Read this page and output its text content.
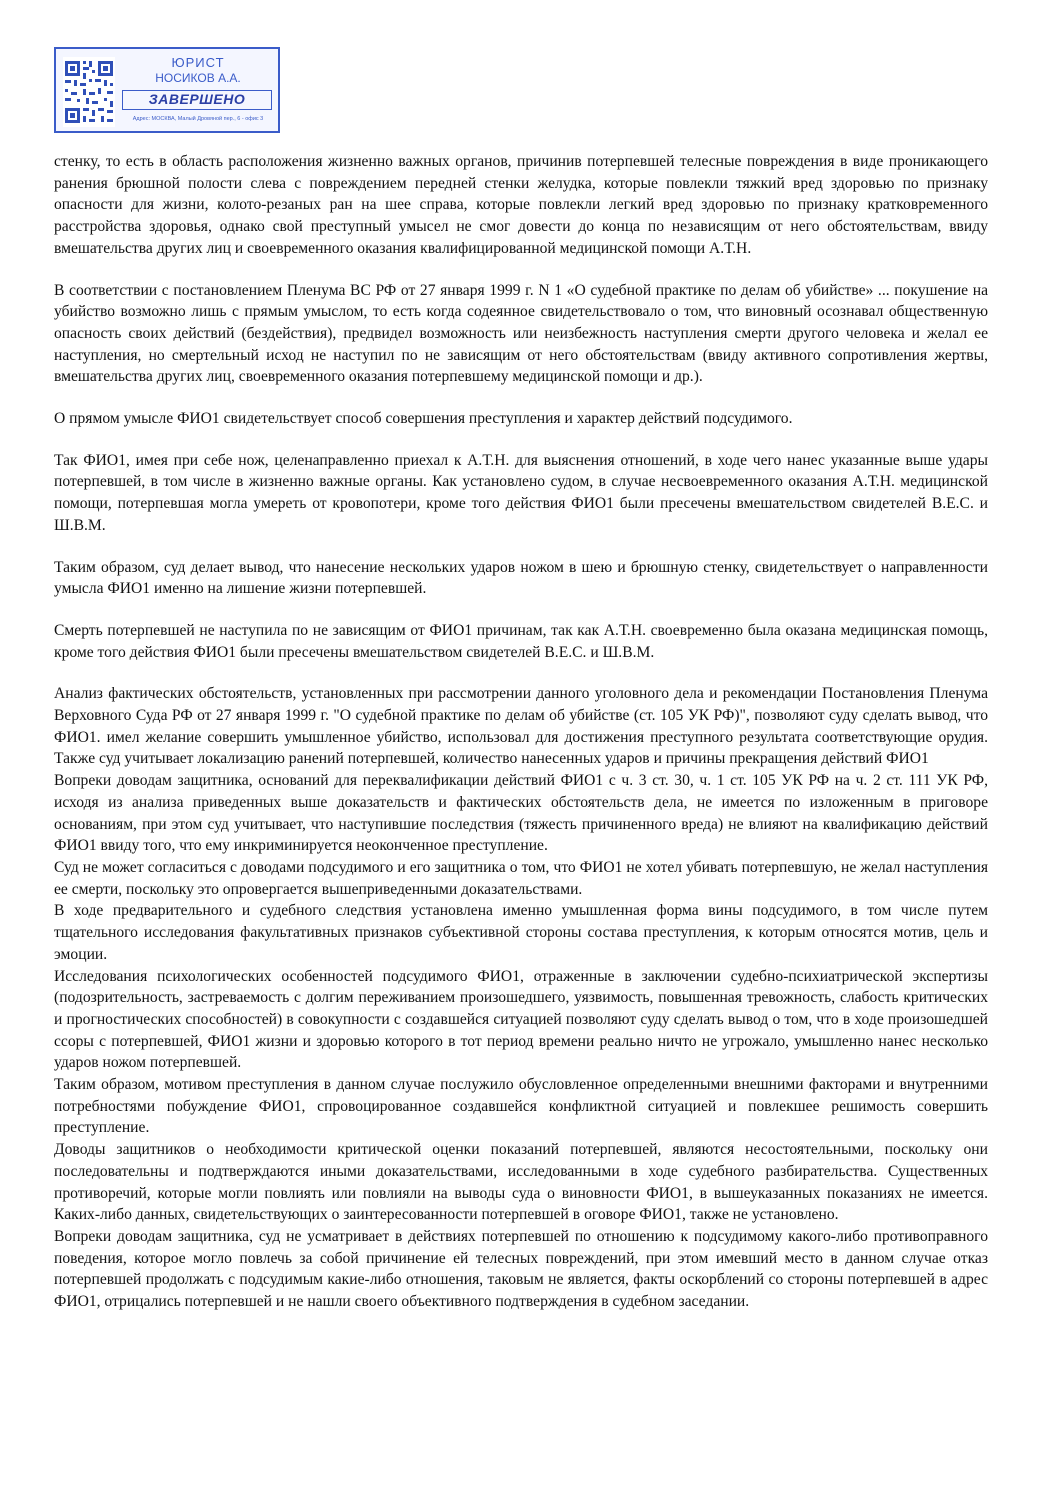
ЮРИСТ
НОСИКОВ А.А.
ЗАВЕРШЕНО
Адрес: МОСКВА, Малый Дровяной пер., 6 - офис 3

стенку, то есть в область расположения жизненно важных органов, причинив потерпевшей телесные повреждения в виде проникающего ранения брюшной полости слева с повреждением передней стенки желудка, которые повлекли тяжкий вред здоровью по признаку опасности для жизни, колото-резаных ран на шее справа, которые повлекли легкий вред здоровью по признаку кратковременного расстройства здоровья, однако свой преступный умысел не смог довести до конца по независящим от него обстоятельствам, ввиду вмешательства других лиц и своевременного оказания квалифицированной медицинской помощи А.Т.Н.

В соответствии с постановлением Пленума ВС РФ от 27 января 1999 г. N 1 «О судебной практике по делам об убийстве» ... покушение на убийство возможно лишь с прямым умыслом, то есть когда содеянное свидетельствовало о том, что виновный осознавал общественную опасность своих действий (бездействия), предвидел возможность или неизбежность наступления смерти другого человека и желал ее наступления, но смертельный исход не наступил по не зависящим от него обстоятельствам (ввиду активного сопротивления жертвы, вмешательства других лиц, своевременного оказания потерпевшему медицинской помощи и др.).

О прямом умысле ФИО1 свидетельствует способ совершения преступления и характер действий подсудимого.

Так ФИО1, имея при себе нож, целенаправленно приехал к А.Т.Н. для выяснения отношений, в ходе чего нанес указанные выше удары потерпевшей, в том числе в жизненно важные органы. Как установлено судом, в случае несвоевременного оказания А.Т.Н. медицинской помощи, потерпевшая могла умереть от кровопотери, кроме того действия ФИО1 были пресечены вмешательством свидетелей В.Е.С. и Ш.В.М.

Таким образом, суд делает вывод, что нанесение нескольких ударов ножом в шею и брюшную стенку, свидетельствует о направленности умысла ФИО1 именно на лишение жизни потерпевшей.

Смерть потерпевшей не наступила по не зависящим от ФИО1 причинам, так как А.Т.Н. своевременно была оказана медицинская помощь, кроме того действия ФИО1 были пресечены вмешательством свидетелей В.Е.С. и Ш.В.М.

Анализ фактических обстоятельств, установленных при рассмотрении данного уголовного дела и рекомендации Постановления Пленума Верховного Суда РФ от 27 января 1999 г. "О судебной практике по делам об убийстве (ст. 105 УК РФ)", позволяют суду сделать вывод, что ФИО1. имел желание совершить умышленное убийство, использовал для достижения преступного результата соответствующие орудия. Также суд учитывает локализацию ранений потерпевшей, количество нанесенных ударов и причины прекращения действий ФИО1

Вопреки доводам защитника, оснований для переквалификации действий ФИО1 с ч. 3 ст. 30, ч. 1 ст. 105 УК РФ на ч. 2 ст. 111 УК РФ, исходя из анализа приведенных выше доказательств и фактических обстоятельств дела, не имеется по изложенным в приговоре основаниям, при этом суд учитывает, что наступившие последствия (тяжесть причиненного вреда) не влияют на квалификацию действий ФИО1 ввиду того, что ему инкриминируется неоконченное преступление.

Суд не может согласиться с доводами подсудимого и его защитника о том, что ФИО1 не хотел убивать потерпевшую, не желал наступления ее смерти, поскольку это опровергается вышеприведенными доказательствами.

В ходе предварительного и судебного следствия установлена именно умышленная форма вины подсудимого, в том числе путем тщательного исследования факультативных признаков субъективной стороны состава преступления, к которым относятся мотив, цель и эмоции.

Исследования психологических особенностей подсудимого ФИО1, отраженные в заключении судебно-психиатрической экспертизы (подозрительность, застреваемость с долгим переживанием произошедшего, уязвимость, повышенная тревожность, слабость критических и прогностических способностей) в совокупности с создавшейся ситуацией позволяют суду сделать вывод о том, что в ходе произошедшей ссоры с потерпевшей, ФИО1 жизни и здоровью которого в тот период времени реально ничто не угрожало, умышленно нанес несколько ударов ножом потерпевшей.

Таким образом, мотивом преступления в данном случае послужило обусловленное определенными внешними факторами и внутренними потребностями побуждение ФИО1, спровоцированное создавшейся конфликтной ситуацией и повлекшее решимость совершить преступление.

Доводы защитников о необходимости критической оценки показаний потерпевшей, являются несостоятельными, поскольку они последовательны и подтверждаются иными доказательствами, исследованными в ходе судебного разбирательства. Существенных противоречий, которые могли повлиять или повлияли на выводы суда о виновности ФИО1, в вышеуказанных показаниях не имеется. Каких-либо данных, свидетельствующих о заинтересованности потерпевшей в оговоре ФИО1, также не установлено.

Вопреки доводам защитника, суд не усматривает в действиях потерпевшей по отношению к подсудимому какого-либо противоправного поведения, которое могло повлечь за собой причинение ей телесных повреждений, при этом имевший место в данном случае отказ потерпевшей продолжать с подсудимым какие-либо отношения, таковым не является, факты оскорблений со стороны потерпевшей в адрес ФИО1, отрицались потерпевшей и не нашли своего объективного подтверждения в судебном заседании.
